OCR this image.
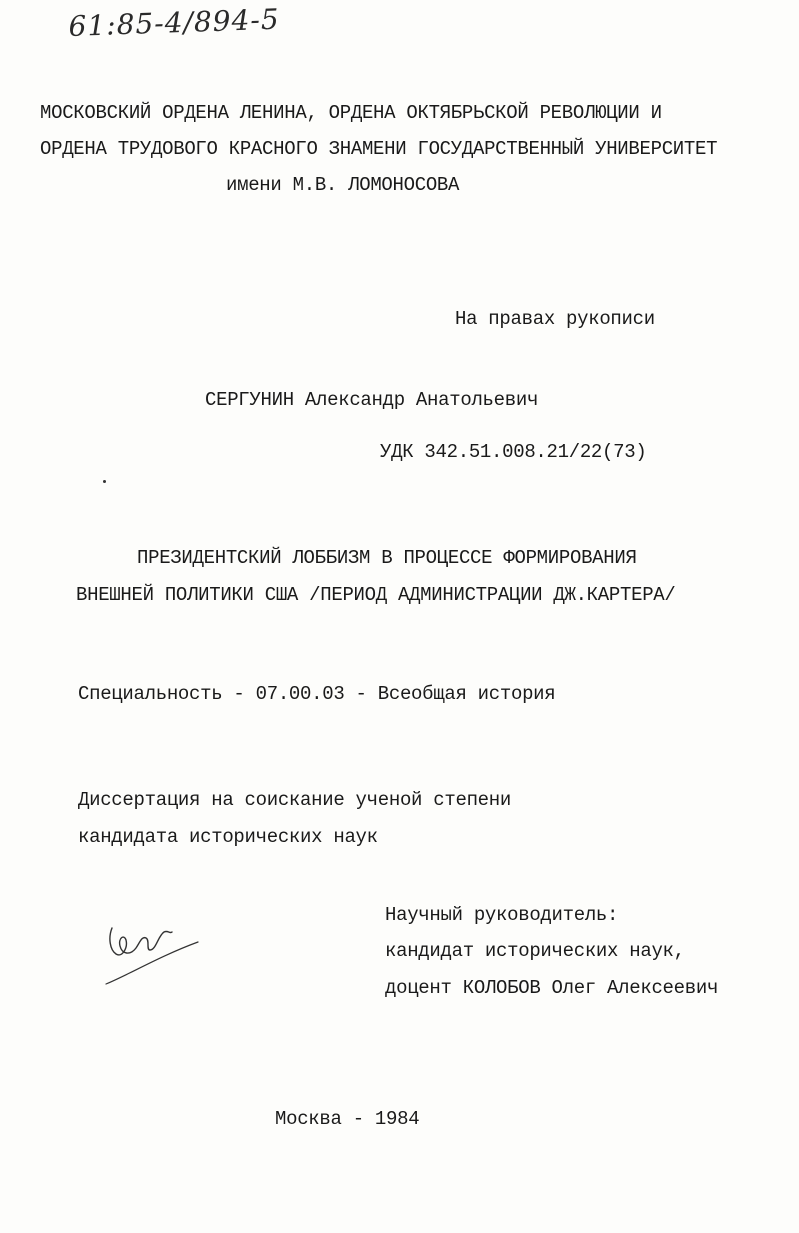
61:85-4/894-5
МОСКОВСКИЙ ОРДЕНА ЛЕНИНА, ОРДЕНА ОКТЯБРЬСКОЙ РЕВОЛЮЦИИ И
ОРДЕНА ТРУДОВОГО КРАСНОГО ЗНАМЕНИ ГОСУДАРСТВЕННЫЙ УНИВЕРСИТЕТ
имени М.В. ЛОМОНОСОВА
На правах рукописи
СЕРГУНИН Александр Анатольевич
УДК 342.51.008.21/22(73)
ПРЕЗИДЕНТСКИЙ ЛОББИЗМ В ПРОЦЕССЕ ФОРМИРОВАНИЯ
ВНЕШНЕЙ ПОЛИТИКИ США /ПЕРИОД АДМИНИСТРАЦИИ ДЖ.КАРТЕРА/
Специальность - 07.00.03 - Всеобщая история
Диссертация на соискание ученой степени
кандидата исторических наук
Научный руководитель:
кандидат исторических наук,
доцент КОЛОБОВ Олег Алексеевич
Москва - 1984
